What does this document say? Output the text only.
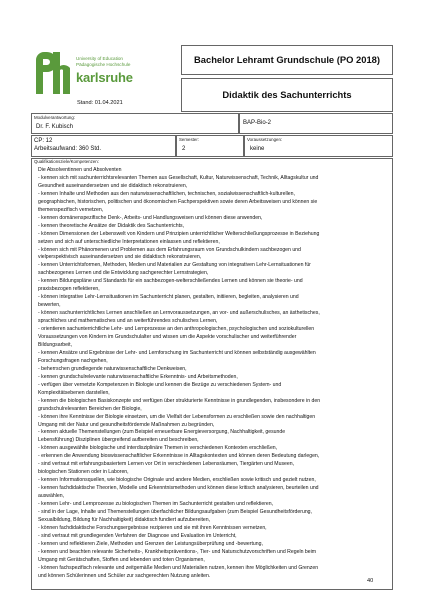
University of Education
Pädagogische Hochschule
karlsruhe
Stand: 01.04.2021
Bachelor Lehramt Grundschule (PO 2018)
Didaktik des Sachunterrichts
Modulverantwortung:
Dr. F. Kubisch
BAP-Bio-2
CP: 12
Arbeitsaufwand: 360 Std.
Semester:
2
Voraussetzungen:
keine
Qualifikationsziele/Kompetenzen:
Die Absolventinnen und Absolventen
- kennen sich mit sachunterrichtsrelevanten Themen aus Gesellschaft, Kultur, Naturwissenschaft, Technik, Alltagskultur und
Gesundheit auseinandersetzen und sie didaktisch rekonstruieren,
- kennen Inhalte und Methoden aus den naturwissenschaftlichen, technischen, sozialwissenschaftlich-kulturellen,
geographischen, historischen, politischen und ökonomischen Fachperspektiven sowie deren Arbeitsweisen und können sie
themenspezifisch vernetzen,
- kennen domänenspezifische Denk-, Arbeits- und Handlungsweisen und können diese anwenden,
- kennen theoretische Ansätze der Didaktik des Sachunterrichts,
- können Dimensionen der Lebenswelt von Kindern und Prinzipien unterrichtlicher Welterschließungsprozesse in Beziehung
setzen und sich auf unterschiedliche Interpretationen einlassen und reflektieren,
- können sich mit Phänomenen und Problemen aus dem Erfahrungsraum von Grundschulkindern sachbezogen und
vielperspektivisch auseinandersetzen und sie didaktisch rekonstruieren,
- kennen Unterrichtsformen, Methoden, Medien und Materialien zur Gestaltung von integrativen Lehr-Lernsituationen für
sachbezogenes Lernen und die Entwicklung sachgerechter Lernstrategien,
- kennen Bildungspläne und Standards für ein sachbezogen-welterschließendes Lernen und können sie theorie- und
praxisbezogen reflektieren,
- können integrative Lehr-Lernsituationen im Sachunterricht planen, gestalten, initiieren, begleiten, analysieren und
bewerten,
- können sachunterrichtliches Lernen anschließen an Lernvoraussetzungen, an vor- und außerschulisches, an ästhetisches,
sprachliches und mathematisches und an weiterführendes schulisches Lernen,
- orientieren sachunterrichtliche Lehr- und Lernprozesse an den anthropologischen, psychologischen und soziokulturellen
Voraussetzungen von Kindern im Grundschulalter und wissen um die Aspekte vorschulischer und weiterführender
Bildungsarbeit,
- kennen Ansätze und Ergebnisse der Lehr- und Lernforschung im Sachunterricht und können selbstständig ausgewählten
Forschungsfragen nachgehen,
- beherrschen grundlegende naturwissenschaftliche Denkweisen,
- kennen grundschulrelevante naturwissenschaftliche Erkenntnis- und Arbeitsmethoden,
- verfügen über vernetzte Kompetenzen in Biologie und kennen die Bezüge zu verschiedenen System- und
Komplexitätsebenen darstellen,
- kennen die biologischen Basiskonzepte und verfügen über strukturierte Kenntnisse in grundlegenden, insbesondere in den
grundschulrelevanten Bereichen der Biologie,
- können ihre Kenntnisse der Biologie einsetzen, um die Vielfalt der Lebensformen zu erschließen sowie den nachhaltigen
Umgang mit der Natur und gesundheitsfördernde Maßnahmen zu begründen,
- kennen aktuelle Themenstellungen (zum Beispiel erneuerbare Energieversorgung, Nachhaltigkeit, gesunde
Lebensführung) Disziplinen übergreifend aufbereiten und beschreiben,
- können ausgewählte biologische und interdisziplinäre Themen in verschiedenen Kontexten erschließen,
- erkennen die Anwendung bioswissenschaftlicher Erkenntnisse in Alltagskontexten und können deren Bedeutung darlegen,
- sind vertraut mit erfahrungsbasiertem Lernen vor Ort in verschiedenen Lebensräumen, Tiergärten und Museen,
biologischen Stationen oder in Laboren,
- kennen Informationsquellen, wie biologische Originale und andere Medien, erschließen sowie kritisch und gezielt nutzen,
- kennen fachdidaktische Theorien, Modelle und Erkenntnismethoden und können diese kritisch analysieren, beurteilen und
auswählen,
- kennen Lehr- und Lernprozesse zu biologischen Themen im Sachunterricht gestalten und reflektieren,
- sind in der Lage, Inhalte und Themenstellungen überfachlicher Bildungsaufgaben (zum Beispiel Gesundheitsförderung,
Sexualbildung, Bildung für Nachhaltigkeit) didaktisch fundiert aufzubereiten,
- können fachdidaktische Forschungsergebnisse rezipieren und sie mit ihren Kenntnissen vernetzen,
- sind vertraut mit grundlegenden Verfahren der Diagnose und Evaluation im Unterricht,
- kennen und reflektieren Ziele, Methoden und Grenzen der Leistungsüberprüfung und -bewertung,
- kennen und beachten relevante Sicherheits-, Krankheitspräventions-, Tier- und Naturschutzvorschriften und Regeln beim
Umgang mit Gerätschaften, Stoffen und lebenden und toten Organismen,
- können fachspezifisch relevante und zeitgemäße Medien und Materialien nutzen, kennen ihre Möglichkeiten und Grenzen
und können Schülerinnen und Schüler zur sachgerechten Nutzung anleiten.
40
